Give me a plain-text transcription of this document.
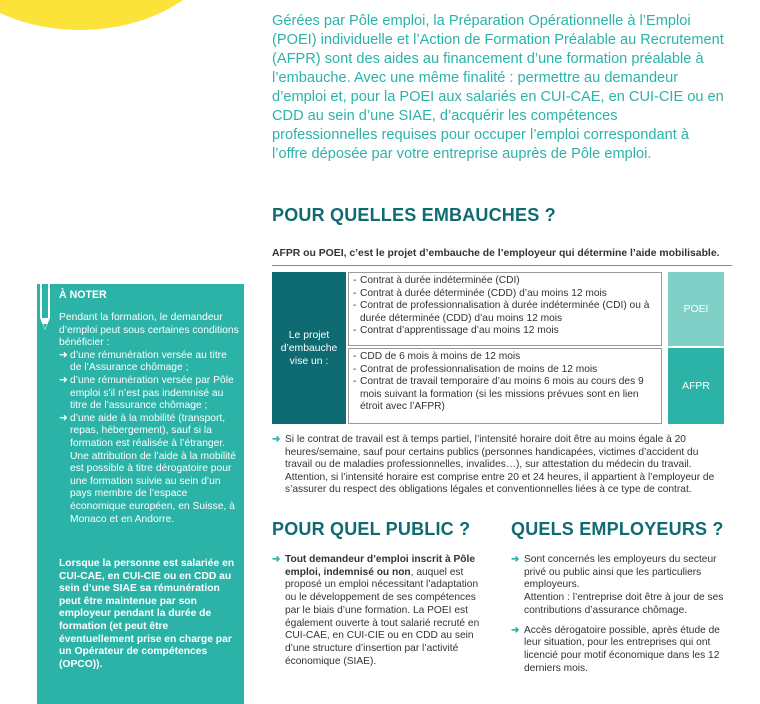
Gérées par Pôle emploi, la Préparation Opérationnelle à l’Emploi (POEI) individuelle et l’Action de Formation Préalable au Recrutement (AFPR) sont des aides au financement d’une formation préalable à l’embauche. Avec une même finalité : permettre au demandeur d’emploi et, pour la POEI aux salariés en CUI-CAE, en CUI-CIE ou en CDD au sein d’une SIAE, d’acquérir les compétences professionnelles requises pour occuper l’emploi correspondant à l’offre déposée par votre entreprise auprès de Pôle emploi.
POUR QUELLES EMBAUCHES ?
AFPR ou POEI, c’est le projet d’embauche de l’employeur qui détermine l’aide mobilisable.
Le projet d’embauche vise un :
- Contrat à durée indéterminée (CDI)
- Contrat à durée déterminée (CDD) d’au moins 12 mois
- Contrat de professionnalisation à durée indéterminée (CDI) ou à durée déterminée (CDD) d’au moins 12 mois
- Contrat d’apprentissage d’au moins 12 mois
POEI
- CDD de 6 mois à moins de 12 mois
- Contrat de professionnalisation de moins de 12 mois
- Contrat de travail temporaire d’au moins 6 mois au cours des 9 mois suivant la formation (si les missions prévues sont en lien étroit avec l’AFPR)
AFPR
➜ Si le contrat de travail est à temps partiel, l’intensité horaire doit être au moins égale à 20 heures/semaine, sauf pour certains publics (personnes handicapées, victimes d’accident du travail ou de maladies professionnelles, invalides…), sur attestation du médecin du travail. Attention, si l’intensité horaire est comprise entre 20 et 24 heures, il appartient à l’employeur de s’assurer du respect des obligations légales et conventionnelles liées à ce type de contrat.
POUR QUEL PUBLIC ?
➜ Tout demandeur d’emploi inscrit à Pôle emploi, indemnisé ou non, auquel est proposé un emploi nécessitant l’adaptation ou le développement de ses compétences par le biais d’une formation. La POEI est également ouverte à tout salarié recruté en CUI-CAE, en CUI-CIE ou en CDD au sein d’une structure d’insertion par l’activité économique (SIAE).
QUELS EMPLOYEURS ?
➜ Sont concernés les employeurs du secteur privé ou public ainsi que les particuliers employeurs.
Attention : l’entreprise doit être à jour de ses contributions d’assurance chômage.
➜ Accès dérogatoire possible, après étude de leur situation, pour les entreprises qui ont licencié pour motif économique dans les 12 derniers mois.
À NOTER
Pendant la formation, le demandeur d’emploi peut sous certaines conditions bénéficier :
➜ d’une rémunération versée au titre de l’Assurance chômage ;
➜ d’une rémunération versée par Pôle emploi s’il n’est pas indemnisé au titre de l’assurance chômage ;
➜ d’une aide à la mobilité (transport, repas, hébergement), sauf si la formation est réalisée à l’étranger. Une attribution de l’aide à la mobilité est possible à titre dérogatoire pour une formation suivie au sein d’un pays membre de l’espace économique européen, en Suisse, à Monaco et en Andorre.
Lorsque la personne est salariée en CUI-CAE, en CUI-CIE ou en CDD au sein d’une SIAE sa rémunération peut être maintenue par son employeur pendant la durée de formation (et peut être éventuellement prise en charge par un Opérateur de compétences (OPCO)).
